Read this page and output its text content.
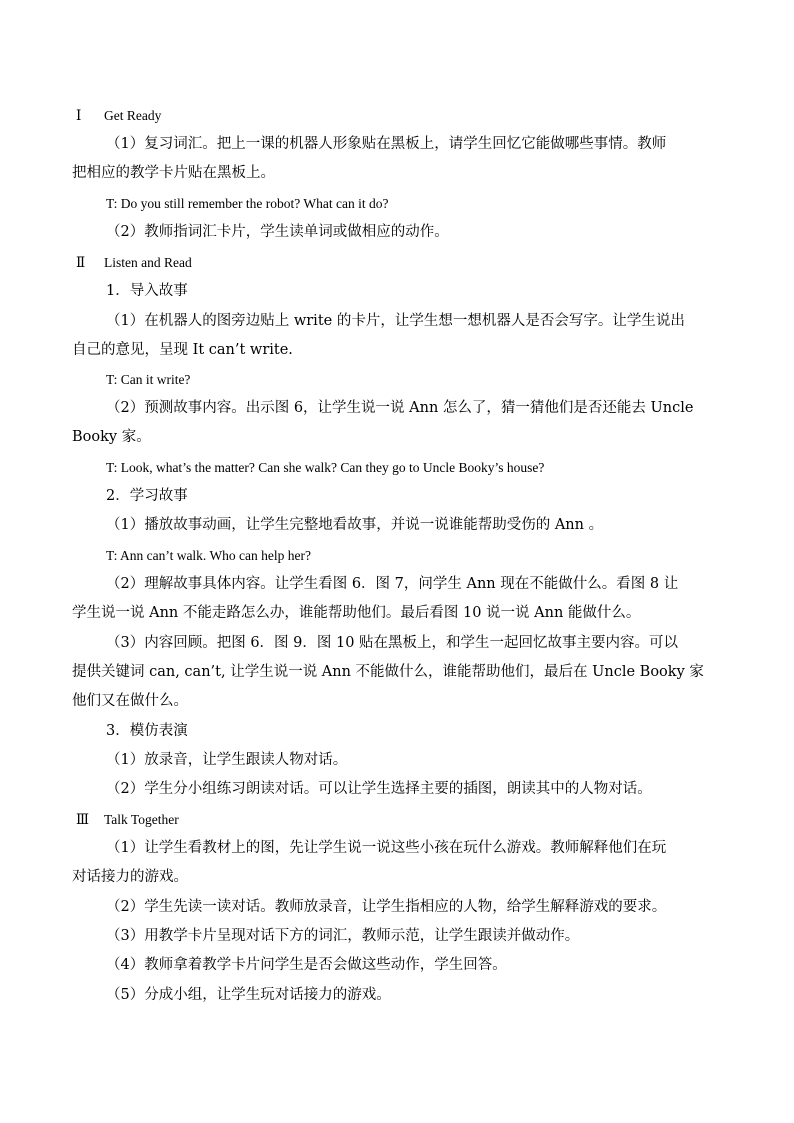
Ⅰ Get Ready
（1）复习词汇。把上一课的机器人形象贴在黑板上，请学生回忆它能做哪些事情。教师
把相应的教学卡片贴在黑板上。
T: Do you still remember the robot? What can it do?
（2）教师指词汇卡片，学生读单词或做相应的动作。
Ⅱ Listen and Read
1．导入故事
（1）在机器人的图旁边贴上 write 的卡片，让学生想一想机器人是否会写字。让学生说出
自己的意见，呈现 It can’t write.
T: Can it write?
（2）预测故事内容。出示图 6，让学生说一说 Ann 怎么了，猜一猜他们是否还能去 Uncle
Booky 家。
T: Look, what’s the matter? Can she walk? Can they go to Uncle Booky’s house?
2．学习故事
（1）播放故事动画，让学生完整地看故事，并说一说谁能帮助受伤的 Ann 。
T: Ann can’t walk. Who can help her?
（2）理解故事具体内容。让学生看图 6．图 7，问学生 Ann 现在不能做什么。看图 8 让
学生说一说 Ann 不能走路怎么办，谁能帮助他们。最后看图 10 说一说 Ann 能做什么。
（3）内容回顾。把图 6．图 9．图 10 贴在黑板上，和学生一起回忆故事主要内容。可以
提供关键词 can, can’t, 让学生说一说 Ann 不能做什么，谁能帮助他们，最后在 Uncle Booky 家
他们又在做什么。
3．模仿表演
（1）放录音，让学生跟读人物对话。
（2）学生分小组练习朗读对话。可以让学生选择主要的插图，朗读其中的人物对话。
Ⅲ Talk Together
（1）让学生看教材上的图，先让学生说一说这些小孩在玩什么游戏。教师解释他们在玩
对话接力的游戏。
（2）学生先读一读对话。教师放录音，让学生指相应的人物，给学生解释游戏的要求。
（3）用教学卡片呈现对话下方的词汇，教师示范，让学生跟读并做动作。
（4）教师拿着教学卡片问学生是否会做这些动作，学生回答。
（5）分成小组，让学生玩对话接力的游戏。
